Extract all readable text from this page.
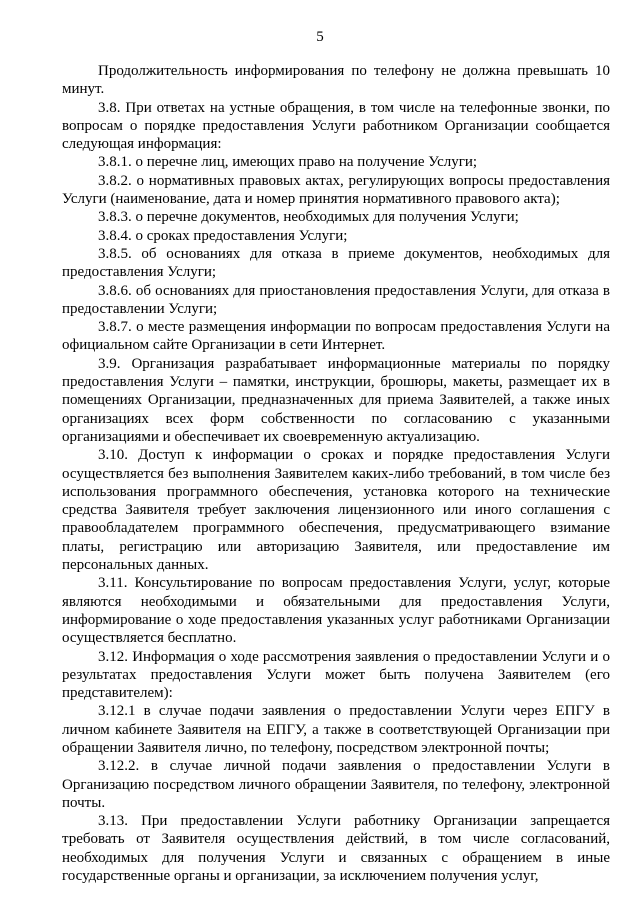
5

Продолжительность информирования по телефону не должна превышать 10 минут.

3.8. При ответах на устные обращения, в том числе на телефонные звонки, по вопросам о порядке предоставления Услуги работником Организации сообщается следующая информация:

3.8.1. о перечне лиц, имеющих право на получение Услуги;

3.8.2. о нормативных правовых актах, регулирующих вопросы предоставления Услуги (наименование, дата и номер принятия нормативного правового акта);

3.8.3. о перечне документов, необходимых для получения Услуги;

3.8.4. о сроках предоставления Услуги;

3.8.5. об основаниях для отказа в приеме документов, необходимых для предоставления Услуги;

3.8.6. об основаниях для приостановления предоставления Услуги, для отказа в предоставлении Услуги;

3.8.7. о месте размещения информации по вопросам предоставления Услуги на официальном сайте Организации в сети Интернет.

3.9. Организация разрабатывает информационные материалы по порядку предоставления Услуги – памятки, инструкции, брошюры, макеты, размещает их в помещениях Организации, предназначенных для приема Заявителей, а также иных организациях всех форм собственности по согласованию с указанными организациями и обеспечивает их своевременную актуализацию.

3.10. Доступ к информации о сроках и порядке предоставления Услуги осуществляется без выполнения Заявителем каких-либо требований, в том числе без использования программного обеспечения, установка которого на технические средства Заявителя требует заключения лицензионного или иного соглашения с правообладателем программного обеспечения, предусматривающего взимание платы, регистрацию или авторизацию Заявителя, или предоставление им персональных данных.

3.11. Консультирование по вопросам предоставления Услуги, услуг, которые являются необходимыми и обязательными для предоставления Услуги, информирование о ходе предоставления указанных услуг работниками Организации осуществляется бесплатно.

3.12. Информация о ходе рассмотрения заявления о предоставлении Услуги и о результатах предоставления Услуги может быть получена Заявителем (его представителем):

3.12.1 в случае подачи заявления о предоставлении Услуги через ЕПГУ в личном кабинете Заявителя на ЕПГУ, а также в соответствующей Организации при обращении Заявителя лично, по телефону, посредством электронной почты;

3.12.2. в случае личной подачи заявления о предоставлении Услуги в Организацию посредством личного обращении Заявителя, по телефону, электронной почты.

3.13. При предоставлении Услуги работнику Организации запрещается требовать от Заявителя осуществления действий, в том числе согласований, необходимых для получения Услуги и связанных с обращением в иные государственные органы и организации, за исключением получения услуг,
